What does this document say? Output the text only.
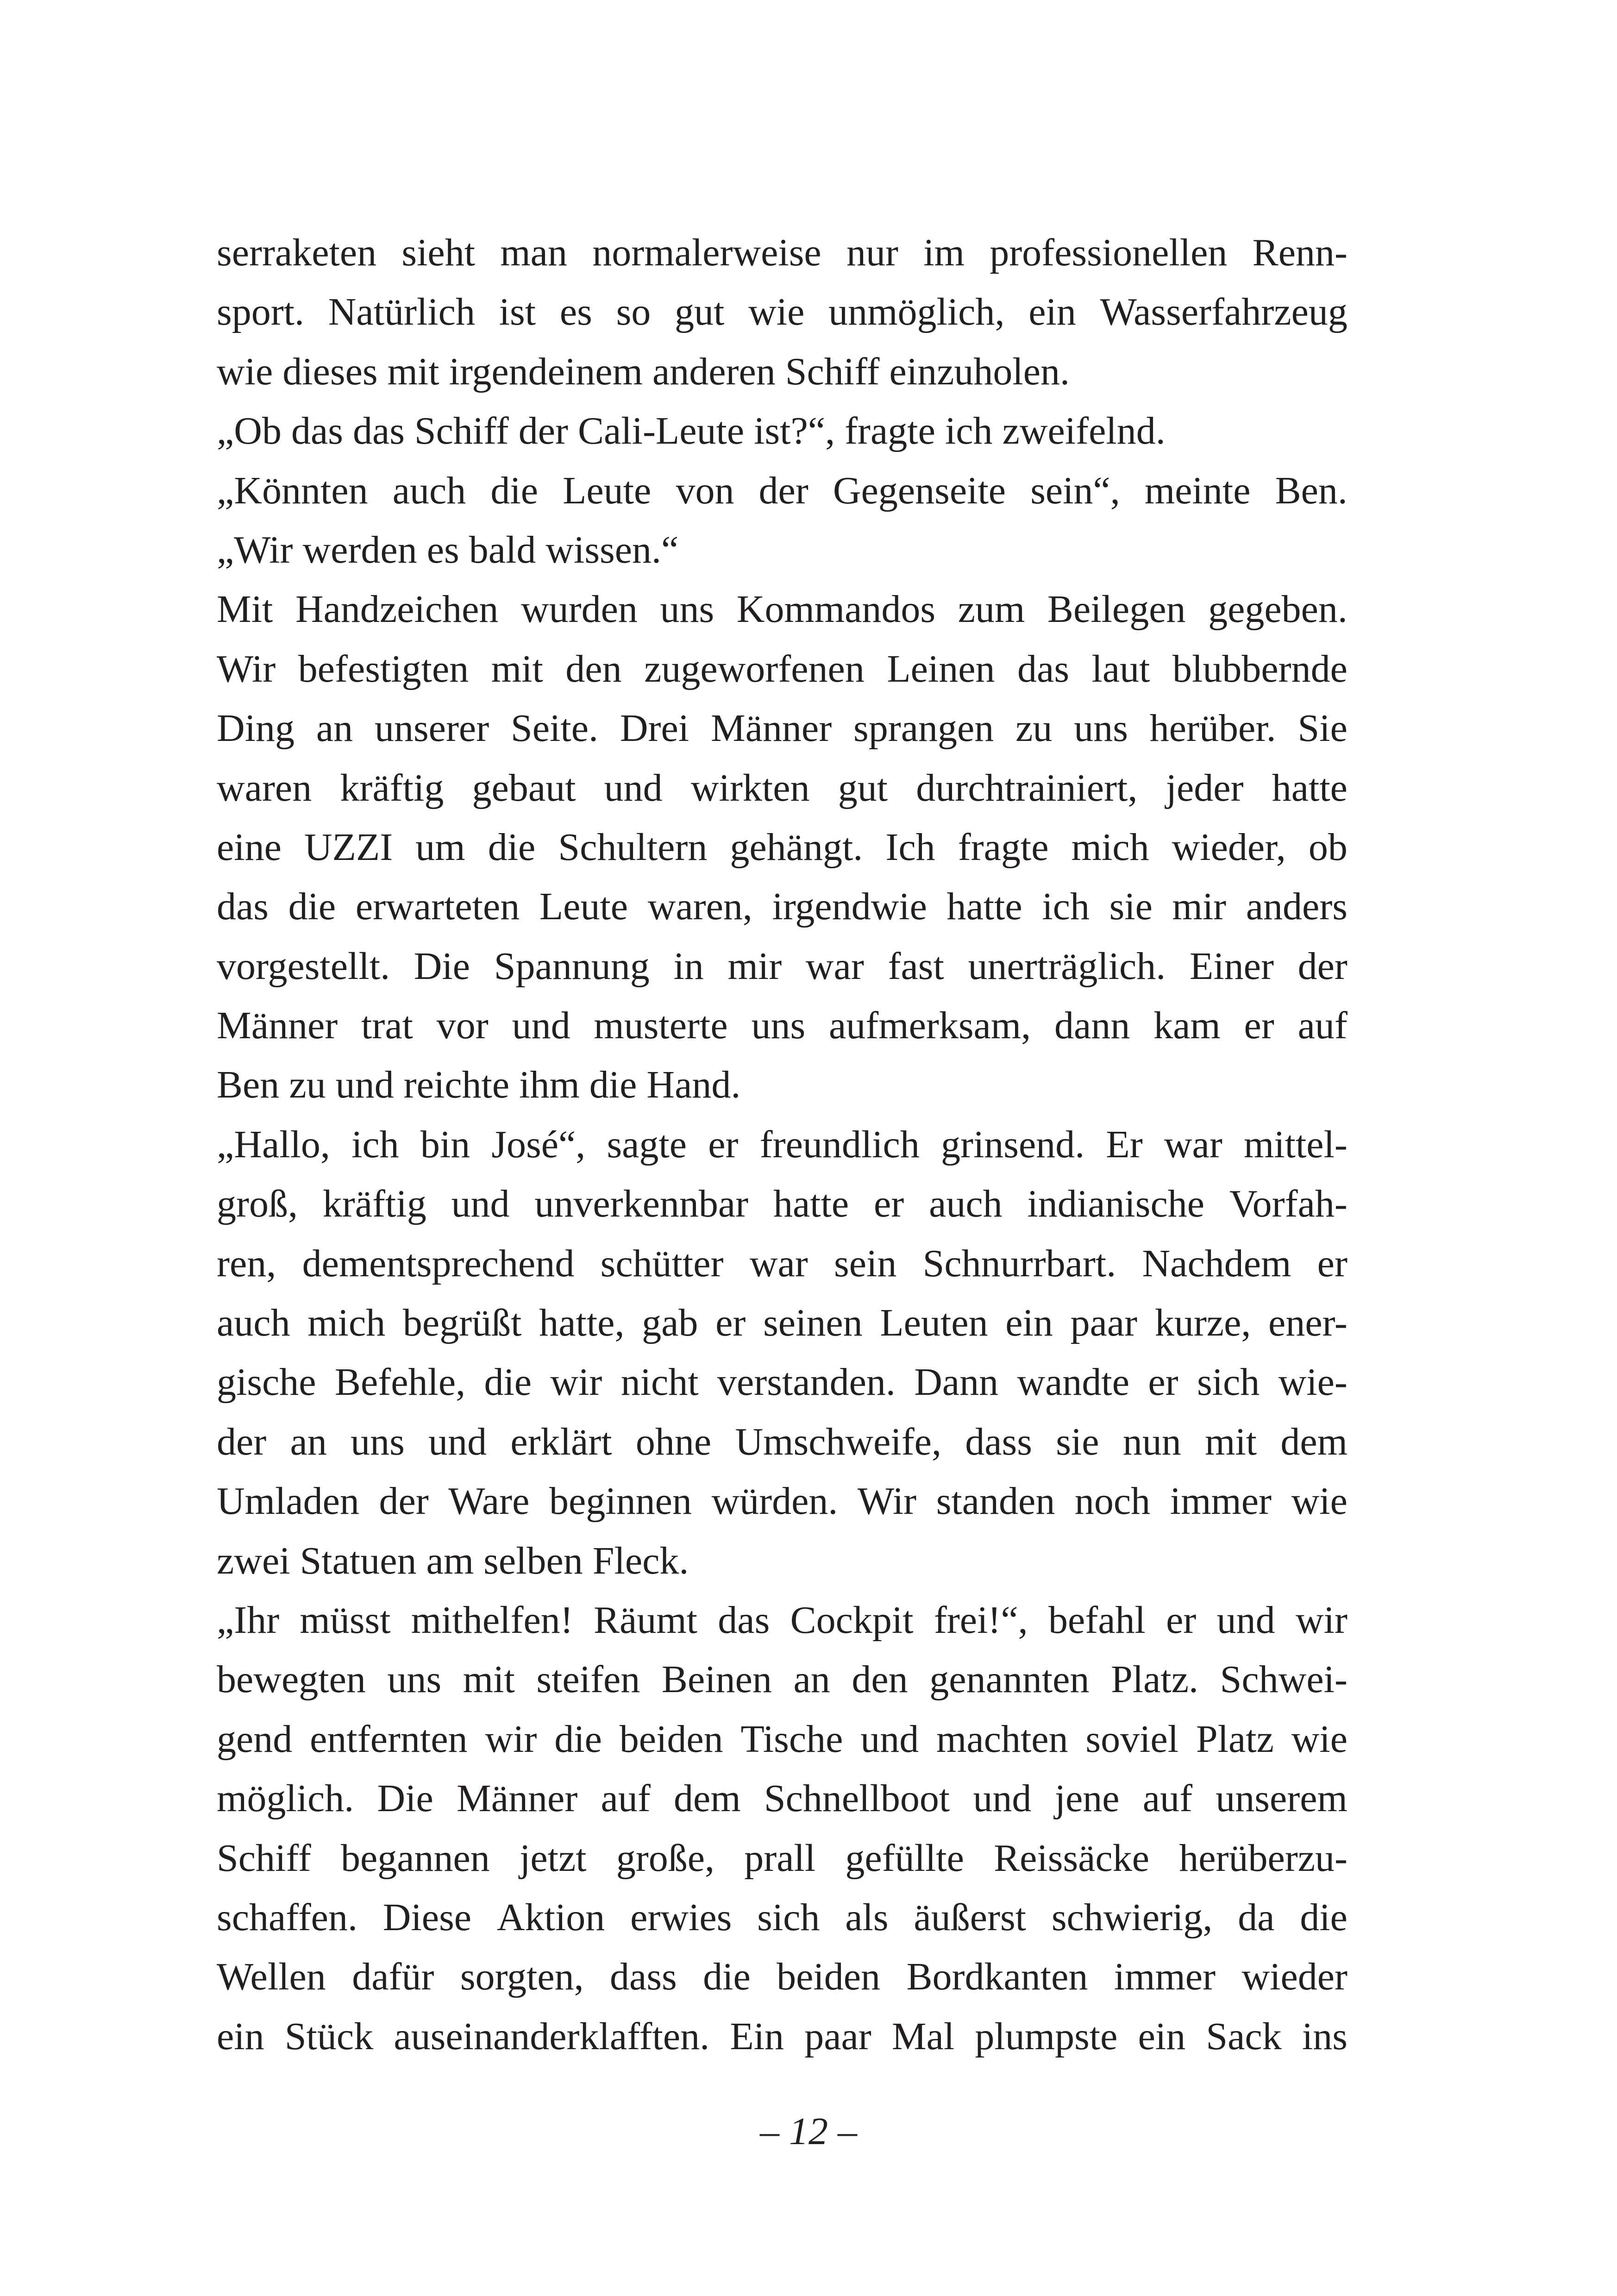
serraketen sieht man normalerweise nur im professionellen Renn-
sport. Natürlich ist es so gut wie unmöglich, ein Wasserfahrzeug
wie dieses mit irgendeinem anderen Schiff einzuholen.
„Ob das das Schiff der Cali-Leute ist?“, fragte ich zweifelnd.
„Könnten auch die Leute von der Gegenseite sein“, meinte Ben.
„Wir werden es bald wissen.“
Mit Handzeichen wurden uns Kommandos zum Beilegen gegeben.
Wir befestigten mit den zugeworfenen Leinen das laut blubbernde
Ding an unserer Seite. Drei Männer sprangen zu uns herüber. Sie
waren kräftig gebaut und wirkten gut durchtrainiert, jeder hatte
eine UZZI um die Schultern gehängt. Ich fragte mich wieder, ob
das die erwarteten Leute waren, irgendwie hatte ich sie mir anders
vorgestellt. Die Spannung in mir war fast unerträglich. Einer der
Männer trat vor und musterte uns aufmerksam, dann kam er auf
Ben zu und reichte ihm die Hand.
„Hallo, ich bin José“, sagte er freundlich grinsend. Er war mittel-
groß, kräftig und unverkennbar hatte er auch indianische Vorfah-
ren, dementsprechend schütter war sein Schnurrbart. Nachdem er
auch mich begrüßt hatte, gab er seinen Leuten ein paar kurze, ener-
gische Befehle, die wir nicht verstanden. Dann wandte er sich wie-
der an uns und erklärt ohne Umschweife, dass sie nun mit dem
Umladen der Ware beginnen würden. Wir standen noch immer wie
zwei Statuen am selben Fleck.
„Ihr müsst mithelfen! Räumt das Cockpit frei!“, befahl er und wir
bewegten uns mit steifen Beinen an den genannten Platz. Schwei-
gend entfernten wir die beiden Tische und machten soviel Platz wie
möglich. Die Männer auf dem Schnellboot und jene auf unserem
Schiff begannen jetzt große, prall gefüllte Reissäcke herüberzu-
schaffen. Diese Aktion erwies sich als äußerst schwierig, da die
Wellen dafür sorgten, dass die beiden Bordkanten immer wieder
ein Stück auseinanderklafften. Ein paar Mal plumpste ein Sack ins
– 12 –
